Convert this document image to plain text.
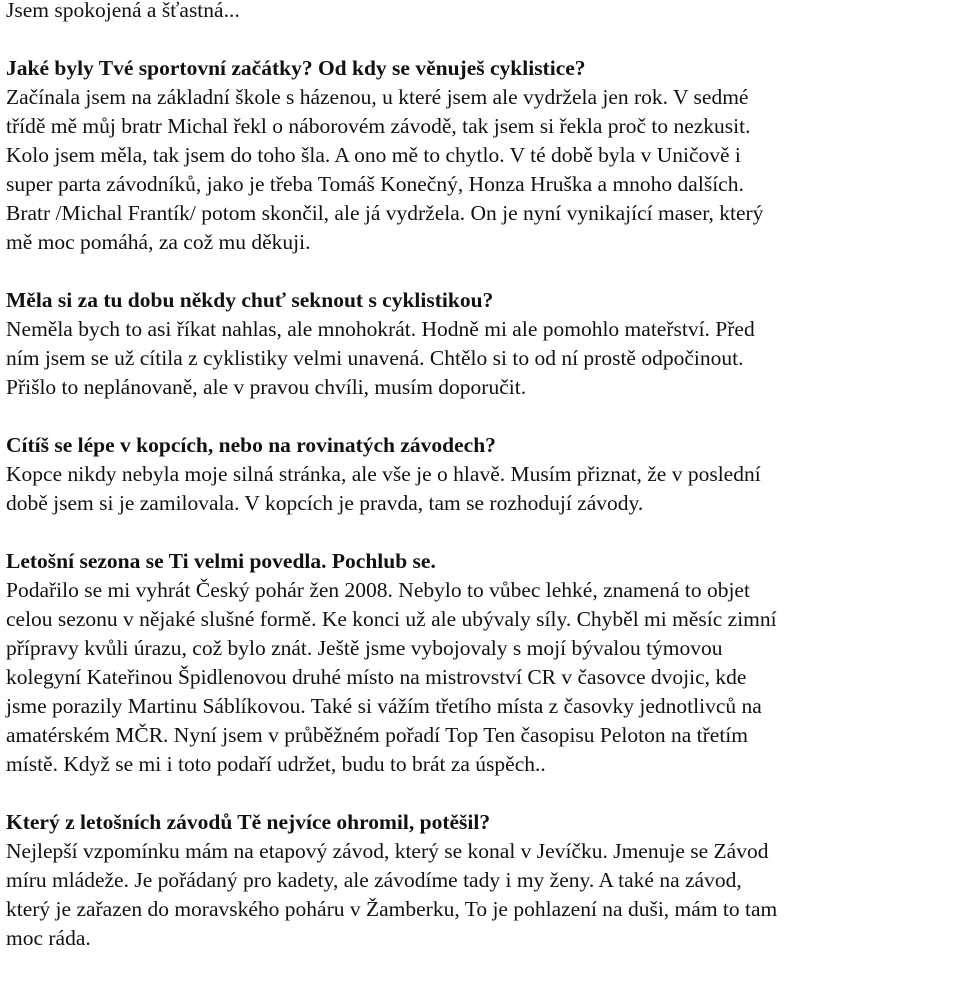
Jsem spokojená a šťastná...
Jaké byly Tvé sportovní začátky? Od kdy se věnuješ cyklistice?
Začínala jsem na základní škole s házenou, u které jsem ale vydržela jen rok. V sedmé
třídě mě můj bratr Michal řekl o náborovém závodě, tak jsem si řekla proč to nezkusit.
Kolo jsem měla, tak jsem do toho šla. A ono mě to chytlo. V té době byla v Uničově i
super parta závodníků, jako je třeba Tomáš Konečný, Honza Hruška a mnoho dalších.
Bratr /Michal Frantík/ potom skončil, ale já vydržela. On je nyní vynikající maser, který
mě moc pomáhá, za což mu děkuji.
Měla si za tu dobu někdy chuť seknout s cyklistikou?
Neměla bych to asi říkat nahlas, ale mnohokrát. Hodně mi ale pomohlo mateřství. Před
ním jsem se už cítila z cyklistiky velmi unavená. Chtělo si to od ní prostě odpočinout.
Přišlo to neplánovaně, ale v pravou chvíli, musím doporučit.
Cítíš se lépe v kopcích, nebo na rovinatých závodech?
Kopce nikdy nebyla moje silná stránka, ale vše je o hlavě. Musím přiznat, že v poslední
době jsem si je zamilovala. V kopcích je pravda, tam se rozhodují závody.
Letošní sezona se Ti velmi povedla. Pochlub se.
Podařilo se mi vyhrát Český pohár žen 2008. Nebylo to vůbec lehké, znamená to objet
celou sezonu v nějaké slušné formě. Ke konci už ale ubývaly síly. Chyběl mi měsíc zimní
přípravy kvůli úrazu, což bylo znát. Ještě jsme vybojovaly s mojí bývalou týmovou
kolegyní Kateřinou Špidlenovou druhé místo na mistrovství CR v časovce dvojic, kde
jsme porazily Martinu Sáblíkovou. Také si vážím třetího místa z časovky jednotlivců na
amatérském MČR. Nyní jsem v průběžném pořadí Top Ten časopisu Peloton na třetím
místě. Když se mi i toto podaří udržet, budu to brát za úspěch..
Který z letošních závodů Tě nejvíce ohromil, potěšil?
Nejlepší vzpomínku mám na etapový závod, který se konal v Jevíčku. Jmenuje se Závod
míru mládeže. Je pořádaný pro kadety, ale závodíme tady i my ženy. A také na závod,
který je zařazen do moravského poháru v Žamberku, To je pohlazení na duši, mám to tam
moc ráda.
